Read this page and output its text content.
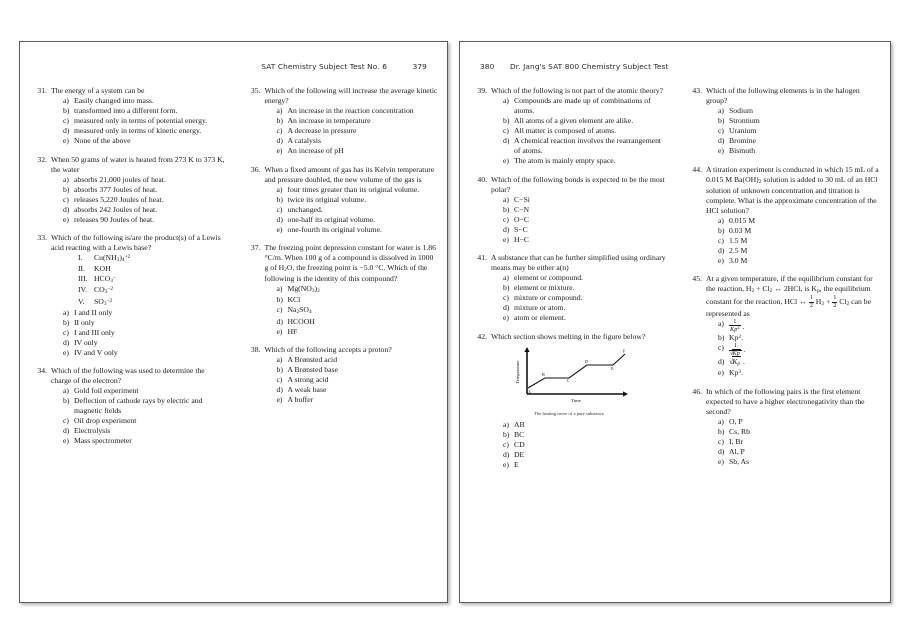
SAT Chemistry Subject Test No. 6	379
31. The energy of a system can be
a) Easily changed into mass.
b) transformed into a different form.
c) measured only in terms of potential energy.
d) measured only in terms of kinetic energy.
e) None of the above
32. When 50 grams of water is heated from 273 K to 373 K, the water
a) absorbs 21,000 joules of heat.
b) absorbs 377 Joules of heat.
c) releases 5,220 Joules of heat.
d) absorbs 242 Joules of heat.
e) releases 90 Joules of heat.
33. Which of the following is/are the product(s) of a Lewis acid reacting with a Lewis base?
I.	$Cu(NH_3)_4^{+2}$
II.	KOH
III. $HCO_3^-$
IV. $CO_3^{-2}$
V.	$SO_3^{-2}$
a) I and II only
b) II only
c) I and III only
d) IV only
e) IV and V only
34. Which of the following was used to determine the charge of the electron?
a) Gold foil experiment
b) Deflection of cathode rays by electric and magnetic fields
c) Oil drop experiment
d) Electrolysis
e) Mass spectrometer
35. Which of the following will increase the average kinetic energy?
a) An increase in the reaction concentration
b) An increase in temperature
c) A decrease in pressure
d) A catalysis
e) An increase of pH
36. When a fixed amount of gas has its Kelvin temperature and pressure doubled, the new volume of the gas is
a) four times greater than its original volume.
b) twice its original volume.
c) unchanged.
d) one-half its original volume.
e) one-fourth its original volume.
37. The freezing point depression constant for water is 1.86 °C/m. When 100 g of a compound is dissolved in 1000 g of $H_2O$, the freezing point is −5.0 °C. Which of the following is the identity of this compound?
a) $Mg(NO_3)_2$
b) KCl
c) $Na_2SO_4$
d) HCOOH
e) HF
38. Which of the following accepts a proton?
a) A Brønsted acid
b) A Brønsted base
c) A strong acid
d) A weak base
e) A buffer
380 Dr. Jang's SAT 800 Chemistry Subject Test
39. Which of the following is not part of the atomic theory?
a) Compounds are made up of combinations of atoms.
b) All atoms of a given element are alike.
c) All matter is composed of atoms.
d) A chemical reaction involves the rearrangement of atoms.
e) The atom is mainly empty space.
40. Which of the following bonds is expected to be the most polar?
a) C−Si
b) C−N
c) O−C
d) S−C
e) H−C
41. A substance that can be further simplified using ordinary means may be either a(n)
a) element or compound.
b) element or mixture.
c) mixture or compound.
d) mixture or atom.
e) atom or element.
42. Which section shows melting in the figure below?
A
B
C
D
E
F
Temperature
Time
The heating curve of a pure substance
a) AB
b) BC
c) CD
d) DE
e) E
43. Which of the following elements is in the halogen group?
a) Sodium
b) Strontium
c) Uranium
d) Bromine
e) Bismuth
44. A titration experiment is conducted in which 15 mL of a 0.015 M $Ba(OH)_2$ solution is added to 30 mL of an HCl solution of unknown concentration and titration is complete. What is the approximate concentration of the HCl solution?
a) 0.015 M
b) 0.03 M
c) 1.5 M
d) 2.5 M
e) 3.0 M
45. At a given temperature, if the equilibrium constant for the reaction, $H_2 + Cl_2$ ↔ 2HCl, is $K_p$, the equilibrium constant for the reaction, HCl ↔ $\frac{1}{2} H_2 + \frac{1}{2} Cl_2$ can be represented as
$a) \frac{1}{Kp^2}$ .
b) Kp$^2$.
$c) \frac{1}{√Kp}$ .
d) $√K_p$ .
e) Kp$^3$.
46. In which of the following pairs is the first element expected to have a higher electronegativity than the second?
a) O, P
b) Cs, Rb
c) I, Br
d) Al, P
e) Sb, As
